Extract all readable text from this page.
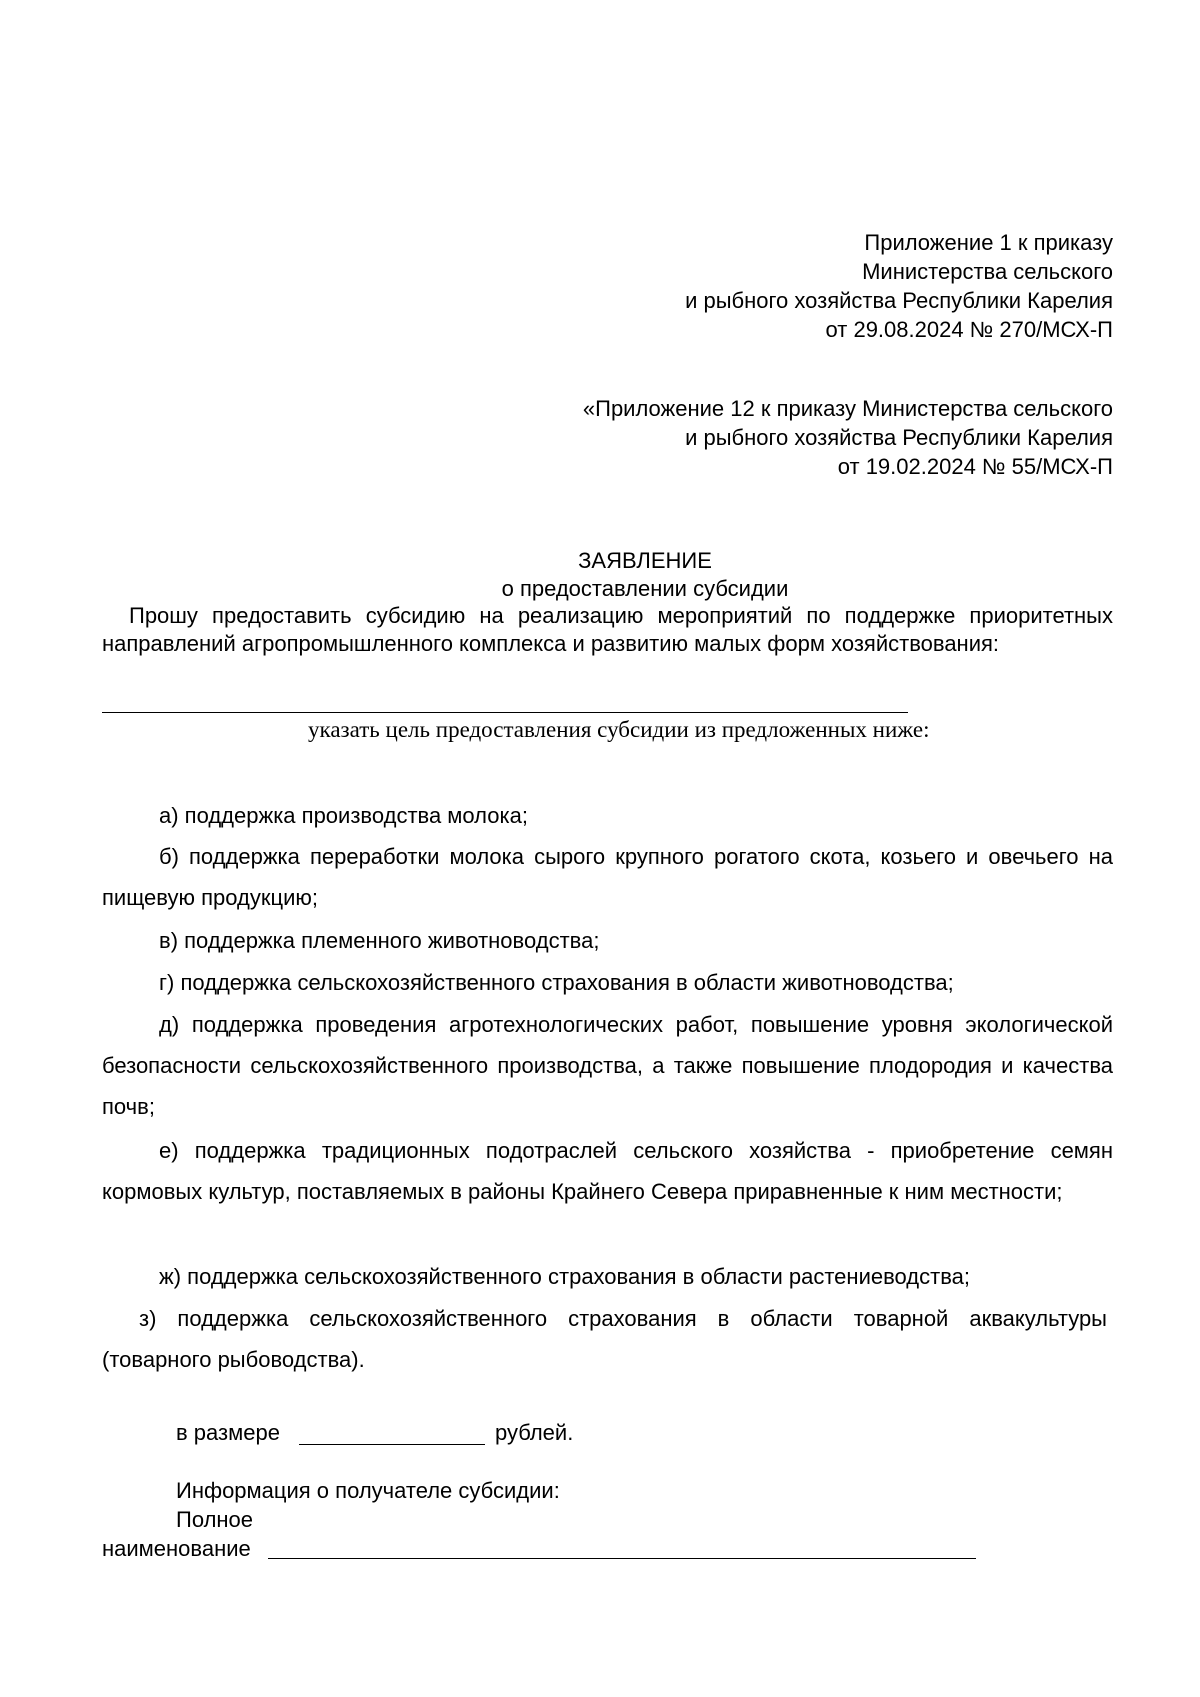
Приложение 1 к приказу
Министерства сельского
и рыбного хозяйства Республики Карелия
от 29.08.2024 № 270/МСХ-П
«Приложение 12 к приказу Министерства сельского
и рыбного хозяйства Республики Карелия
от 19.02.2024 № 55/МСХ-П
ЗАЯВЛЕНИЕ
о предоставлении субсидии
Прошу предоставить субсидию на реализацию мероприятий по поддержке приоритетных направлений агропромышленного комплекса и развитию малых форм хозяйствования:
указать цель предоставления субсидии из предложенных ниже:
а) поддержка производства молока;
б) поддержка переработки молока сырого крупного рогатого скота, козьего и овечьего на пищевую продукцию;
в) поддержка племенного животноводства;
г) поддержка сельскохозяйственного страхования в области животноводства;
д) поддержка проведения агротехнологических работ, повышение уровня экологической безопасности сельскохозяйственного производства, а также повышение плодородия и качества почв;
е) поддержка традиционных подотраслей сельского хозяйства - приобретение семян кормовых культур, поставляемых в районы Крайнего Севера приравненные к ним местности;
ж) поддержка сельскохозяйственного страхования в области растениеводства;
з) поддержка сельскохозяйственного страхования в области товарной аквакультуры (товарного рыбоводства).
в размере	рублей.
Информация о получателе субсидии:
Полное
наименование
